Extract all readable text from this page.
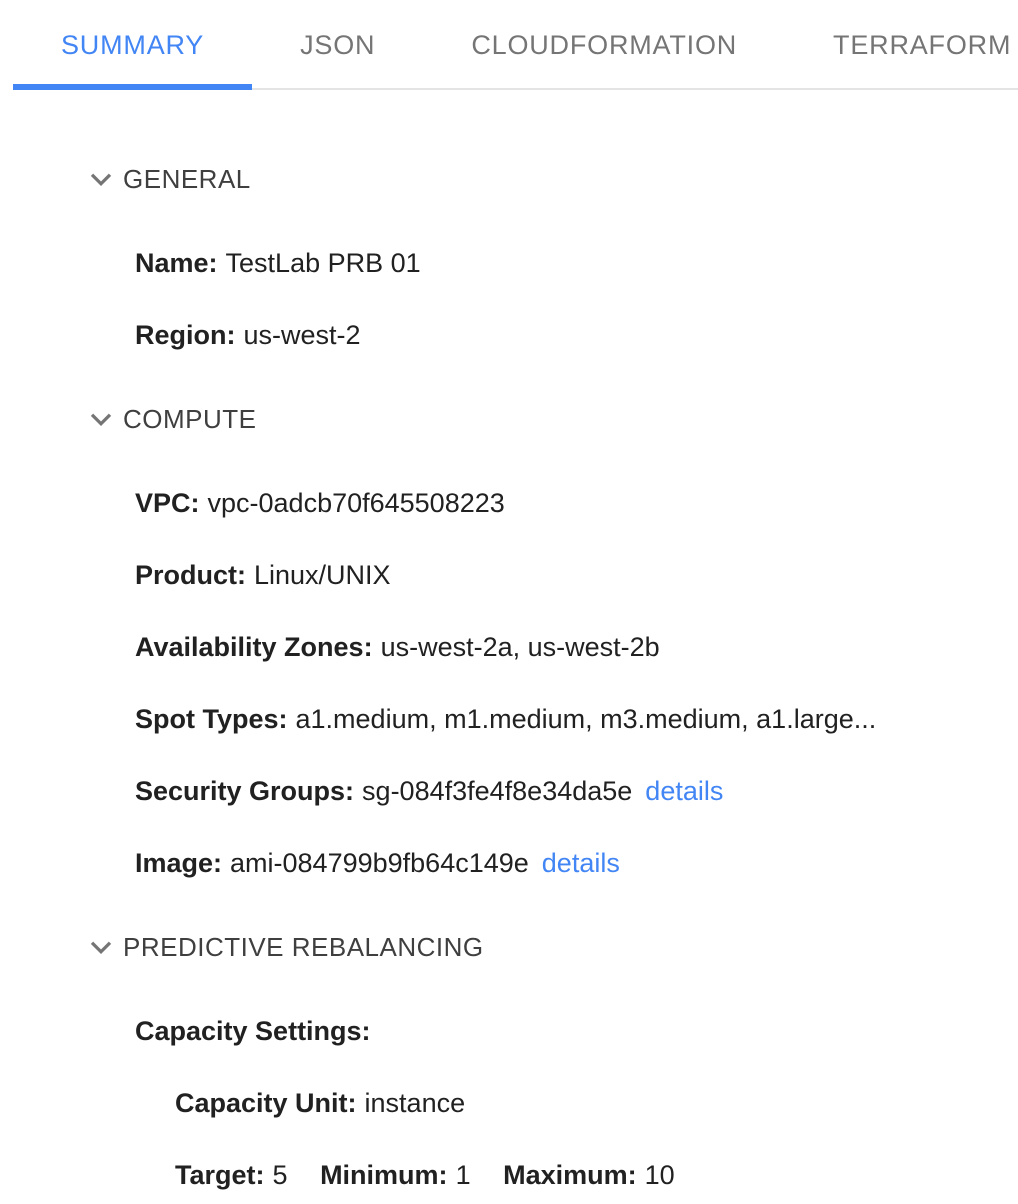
SUMMARY	JSON	CLOUDFORMATION	TERRAFORM
GENERAL
Name: TestLab PRB 01
Region: us-west-2
COMPUTE
VPC: vpc-0adcb70f645508223
Product: Linux/UNIX
Availability Zones: us-west-2a, us-west-2b
Spot Types: a1.medium, m1.medium, m3.medium, a1.large...
Security Groups: sg-084f3fe4f8e34da5e details
Image: ami-084799b9fb64c149e details
PREDICTIVE REBALANCING
Capacity Settings:
Capacity Unit: instance
Target: 5 Minimum: 1 Maximum: 10
